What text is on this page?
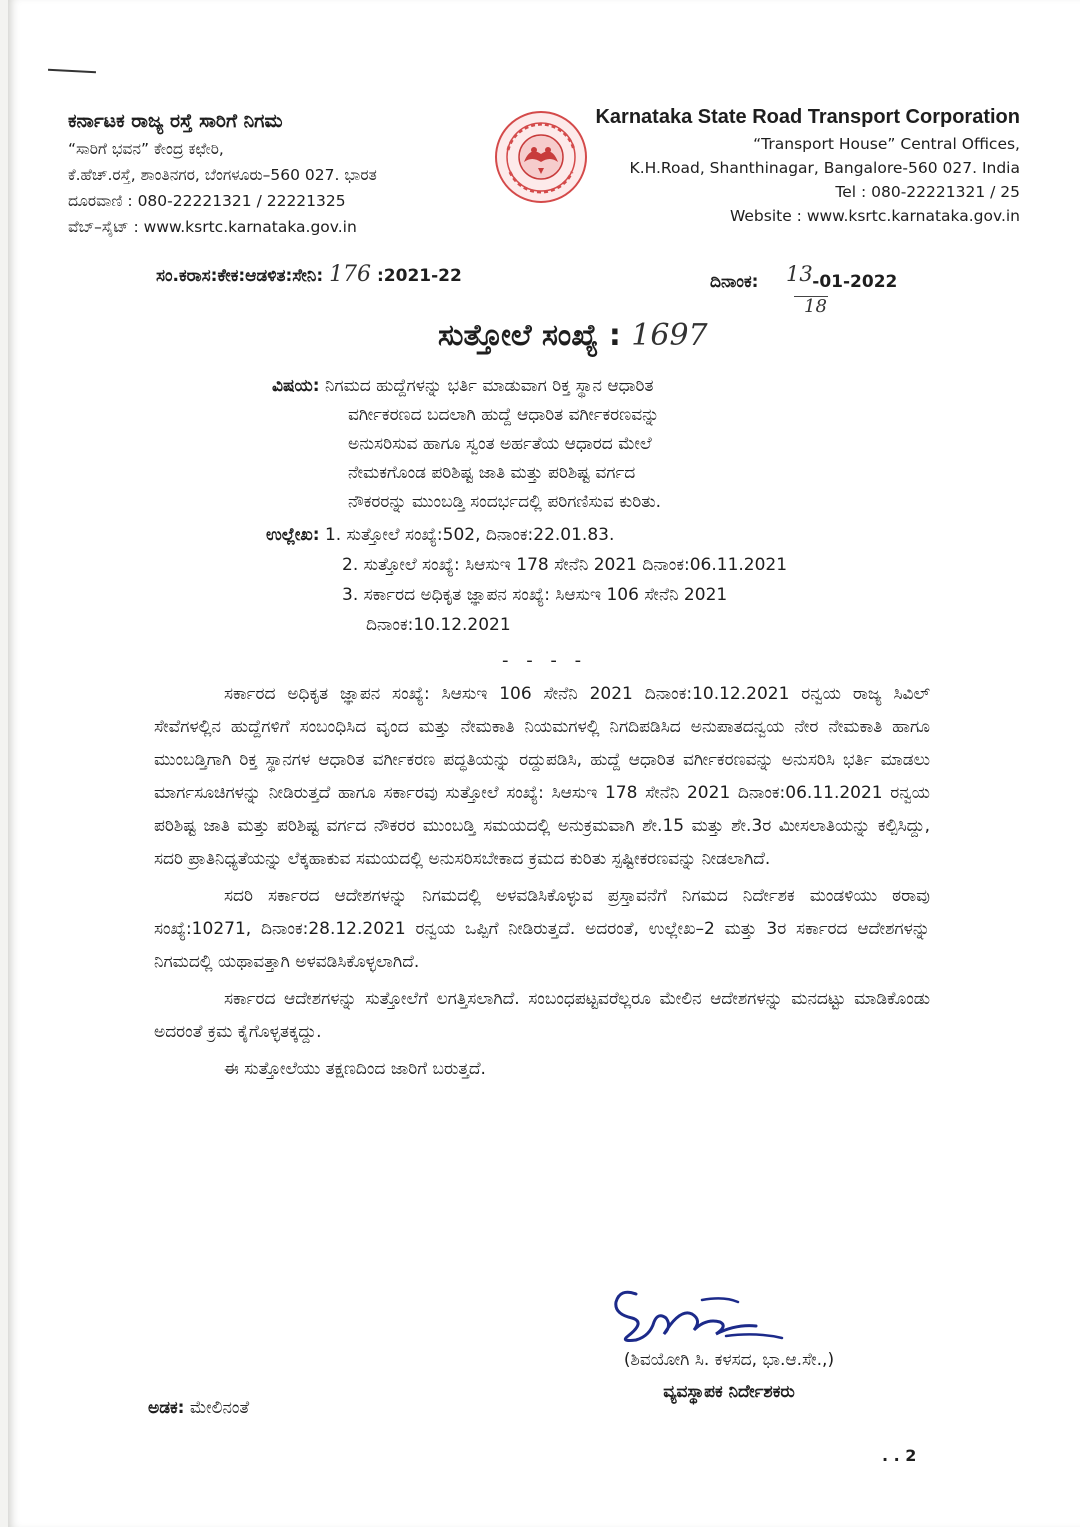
ಕರ್ನಾಟಕ ರಾಜ್ಯ ರಸ್ತೆ ಸಾರಿಗೆ ನಿಗಮ
“ಸಾರಿಗೆ ಭವನ” ಕೇಂದ್ರ ಕಛೇರಿ,
ಕೆ.ಹೆಚ್.ರಸ್ತೆ, ಶಾಂತಿನಗರ, ಬೆಂಗಳೂರು–560 027. ಭಾರತ
ದೂರವಾಣಿ : 080-22221321 / 22221325
ವೆಬ್–ಸೈಟ್ : www.ksrtc.karnataka.gov.in
Karnataka State Road Transport Corporation
“Transport House” Central Offices,
K.H.Road, Shanthinagar, Bangalore-560 027. India
Tel : 080-22221321 / 25
Website : www.ksrtc.karnataka.gov.in
ಸಂ.ಕರಾಸ:ಕೇಕ:ಆಡಳಿತ:ಸೇನಿ: 176 :2021-22	ದಿನಾಂಕ:	-01-2022
13
18
ಸುತ್ತೋಲೆ ಸಂಖ್ಯೆ : 1697
ವಿಷಯ: ನಿಗಮದ ಹುದ್ದೆಗಳನ್ನು ಭರ್ತಿ ಮಾಡುವಾಗ ರಿಕ್ತ ಸ್ಥಾನ ಆಧಾರಿತ
ವರ್ಗೀಕರಣದ ಬದಲಾಗಿ ಹುದ್ದೆ ಆಧಾರಿತ ವರ್ಗೀಕರಣವನ್ನು
ಅನುಸರಿಸುವ ಹಾಗೂ ಸ್ವಂತ ಅರ್ಹತೆಯ ಆಧಾರದ ಮೇಲೆ
ನೇಮಕಗೊಂಡ ಪರಿಶಿಷ್ಟ ಜಾತಿ ಮತ್ತು ಪರಿಶಿಷ್ಟ ವರ್ಗದ
ನೌಕರರನ್ನು ಮುಂಬಡ್ತಿ ಸಂದರ್ಭದಲ್ಲಿ ಪರಿಗಣಿಸುವ ಕುರಿತು.
ಉಲ್ಲೇಖ: 1. ಸುತ್ತೋಲೆ ಸಂಖ್ಯೆ:502, ದಿನಾಂಕ:22.01.83.
2. ಸುತ್ತೋಲೆ ಸಂಖ್ಯೆ: ಸಿಆಸುಇ 178 ಸೇನೆನಿ 2021 ದಿನಾಂಕ:06.11.2021
3. ಸರ್ಕಾರದ ಅಧಿಕೃತ ಜ್ಞಾಪನ ಸಂಖ್ಯೆ: ಸಿಆಸುಇ 106 ಸೇನೆನಿ 2021
ದಿನಾಂಕ:10.12.2021
- - - -

ಸರ್ಕಾರದ ಅಧಿಕೃತ ಜ್ಞಾಪನ ಸಂಖ್ಯೆ: ಸಿಆಸುಇ 106 ಸೇನೆನಿ 2021 ದಿನಾಂಕ:10.12.2021 ರನ್ವಯ ರಾಜ್ಯ ಸಿವಿಲ್ ಸೇವೆಗಳಲ್ಲಿನ ಹುದ್ದೆಗಳಿಗೆ ಸಂಬಂಧಿಸಿದ ವೃಂದ ಮತ್ತು ನೇಮಕಾತಿ ನಿಯಮಗಳಲ್ಲಿ ನಿಗದಿಪಡಿಸಿದ ಅನುಪಾತದನ್ವಯ ನೇರ ನೇಮಕಾತಿ ಹಾಗೂ ಮುಂಬಡ್ತಿಗಾಗಿ ರಿಕ್ತ ಸ್ಥಾನಗಳ ಆಧಾರಿತ ವರ್ಗೀಕರಣ ಪದ್ಧತಿಯನ್ನು ರದ್ದುಪಡಿಸಿ, ಹುದ್ದೆ ಆಧಾರಿತ ವರ್ಗೀಕರಣವನ್ನು ಅನುಸರಿಸಿ ಭರ್ತಿ ಮಾಡಲು ಮಾರ್ಗಸೂಚಿಗಳನ್ನು ನೀಡಿರುತ್ತದೆ ಹಾಗೂ ಸರ್ಕಾರವು ಸುತ್ತೋಲೆ ಸಂಖ್ಯೆ: ಸಿಆಸುಇ 178 ಸೇನೆನಿ 2021 ದಿನಾಂಕ:06.11.2021 ರನ್ವಯ ಪರಿಶಿಷ್ಟ ಜಾತಿ ಮತ್ತು ಪರಿಶಿಷ್ಟ ವರ್ಗದ ನೌಕರರ ಮುಂಬಡ್ತಿ ಸಮಯದಲ್ಲಿ ಅನುಕ್ರಮವಾಗಿ ಶೇ.15 ಮತ್ತು ಶೇ.3ರ ಮೀಸಲಾತಿಯನ್ನು ಕಲ್ಪಿಸಿದ್ದು, ಸದರಿ ಪ್ರಾತಿನಿಧ್ಯತೆಯನ್ನು ಲೆಕ್ಕಹಾಕುವ ಸಮಯದಲ್ಲಿ ಅನುಸರಿಸಬೇಕಾದ ಕ್ರಮದ ಕುರಿತು ಸ್ಪಷ್ಟೀಕರಣವನ್ನು ನೀಡಲಾಗಿದೆ.

ಸದರಿ ಸರ್ಕಾರದ ಆದೇಶಗಳನ್ನು ನಿಗಮದಲ್ಲಿ ಅಳವಡಿಸಿಕೊಳ್ಳುವ ಪ್ರಸ್ತಾವನೆಗೆ ನಿಗಮದ ನಿರ್ದೇಶಕ ಮಂಡಳಿಯು ಠರಾವು ಸಂಖ್ಯೆ:10271, ದಿನಾಂಕ:28.12.2021 ರನ್ವಯ ಒಪ್ಪಿಗೆ ನೀಡಿರುತ್ತದೆ. ಅದರಂತೆ, ಉಲ್ಲೇಖ–2 ಮತ್ತು 3ರ ಸರ್ಕಾರದ ಆದೇಶಗಳನ್ನು ನಿಗಮದಲ್ಲಿ ಯಥಾವತ್ತಾಗಿ ಅಳವಡಿಸಿಕೊಳ್ಳಲಾಗಿದೆ.

ಸರ್ಕಾರದ ಆದೇಶಗಳನ್ನು ಸುತ್ತೋಲೆಗೆ ಲಗತ್ತಿಸಲಾಗಿದೆ. ಸಂಬಂಧಪಟ್ಟವರೆಲ್ಲರೂ ಮೇಲಿನ ಆದೇಶಗಳನ್ನು ಮನದಟ್ಟು ಮಾಡಿಕೊಂಡು ಅದರಂತೆ ಕ್ರಮ ಕೈಗೊಳ್ಳತಕ್ಕದ್ದು.

ಈ ಸುತ್ತೋಲೆಯು ತಕ್ಷಣದಿಂದ ಜಾರಿಗೆ ಬರುತ್ತದೆ.

(ಶಿವಯೋಗಿ ಸಿ. ಕಳಸದ, ಭಾ.ಆ.ಸೇ.,)
ವ್ಯವಸ್ಥಾಪಕ ನಿರ್ದೇಶಕರು
ಅಡಕ: ಮೇಲಿನಂತೆ
. . 2
